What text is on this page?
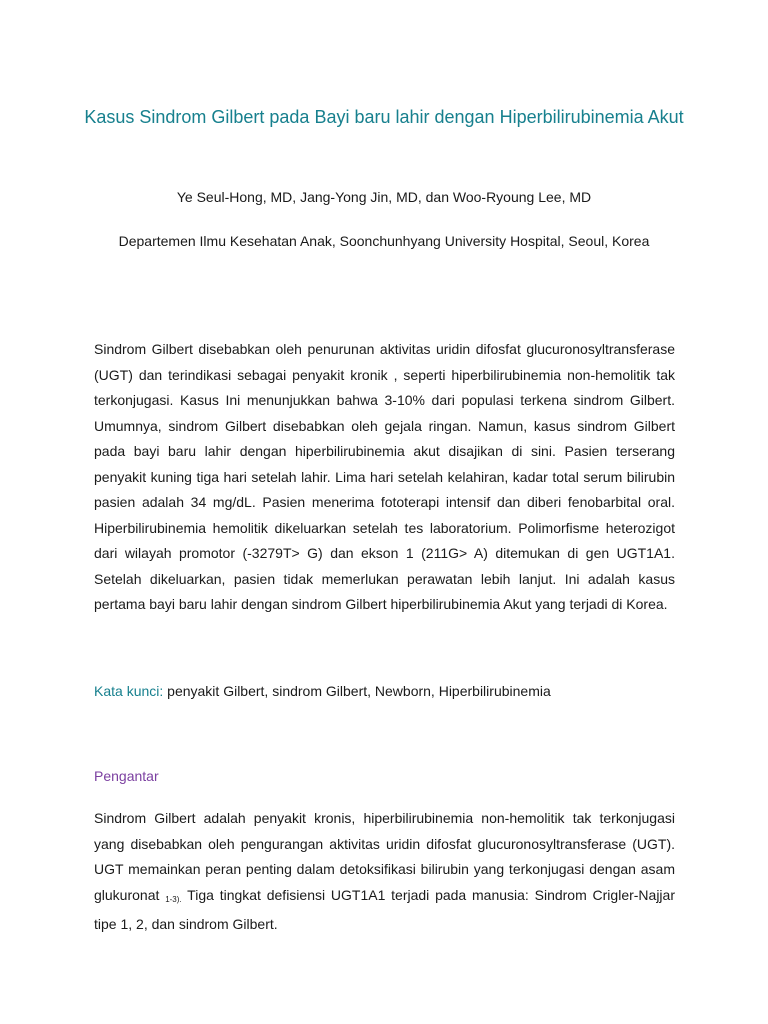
Kasus Sindrom Gilbert pada Bayi baru lahir dengan Hiperbilirubinemia Akut

Ye Seul-Hong, MD, Jang-Yong Jin, MD, dan Woo-Ryoung Lee, MD

Departemen Ilmu Kesehatan Anak, Soonchunhyang University Hospital, Seoul, Korea

Sindrom Gilbert disebabkan oleh penurunan aktivitas uridin difosfat glucuronosyltransferase (UGT) dan terindikasi sebagai penyakit kronik , seperti hiperbilirubinemia non-hemolitik tak terkonjugasi. Kasus Ini menunjukkan bahwa 3-10% dari populasi terkena sindrom Gilbert. Umumnya, sindrom Gilbert disebabkan oleh gejala ringan. Namun, kasus sindrom Gilbert pada bayi baru lahir dengan hiperbilirubinemia akut disajikan di sini. Pasien terserang penyakit kuning tiga hari setelah lahir. Lima hari setelah kelahiran, kadar total serum bilirubin pasien adalah 34 mg/dL. Pasien menerima fototerapi intensif dan diberi fenobarbital oral. Hiperbilirubinemia hemolitik dikeluarkan setelah tes laboratorium. Polimorfisme heterozigot dari wilayah promotor (-3279T> G) dan ekson 1 (211G> A) ditemukan di gen UGT1A1. Setelah dikeluarkan, pasien tidak memerlukan perawatan lebih lanjut. Ini adalah kasus pertama bayi baru lahir dengan sindrom Gilbert hiperbilirubinemia Akut yang terjadi di Korea.

Kata kunci: penyakit Gilbert, sindrom Gilbert, Newborn, Hiperbilirubinemia

Pengantar

Sindrom Gilbert adalah penyakit kronis, hiperbilirubinemia non-hemolitik tak terkonjugasi yang disebabkan oleh pengurangan aktivitas uridin difosfat glucuronosyltransferase (UGT). UGT memainkan peran penting dalam detoksifikasi bilirubin yang terkonjugasi dengan asam glukuronat 1-3). Tiga tingkat defisiensi UGT1A1 terjadi pada manusia: Sindrom Crigler-Najjar tipe 1, 2, dan sindrom Gilbert.
